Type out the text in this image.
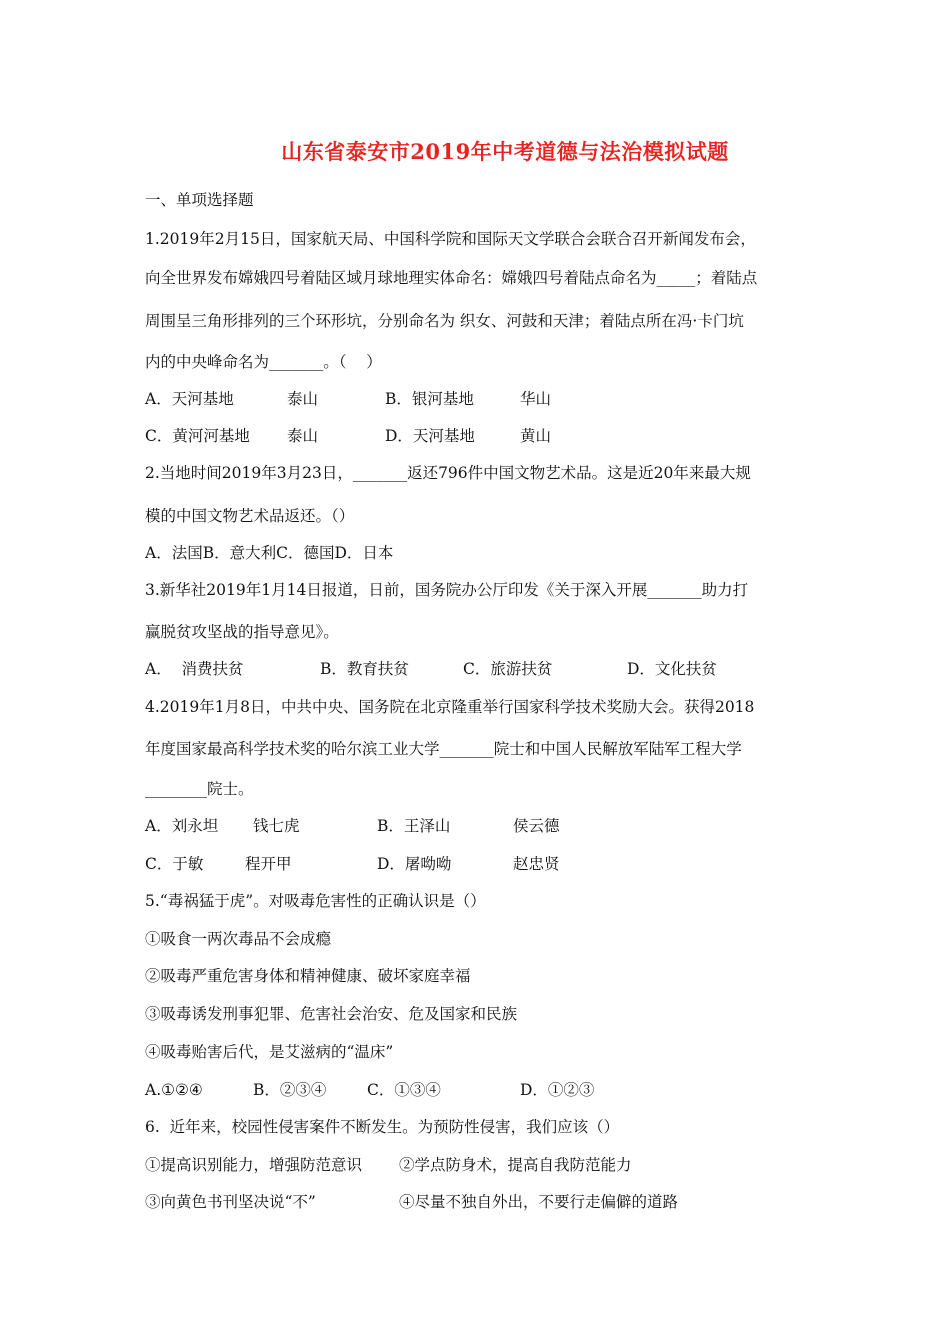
山东省泰安市2019年中考道德与法治模拟试题
一、单项选择题
1.2019年2月15日，国家航天局、中国科学院和国际天文学联合会联合召开新闻发布会，
向全世界发布嫦娥四号着陆区域月球地理实体命名：嫦娥四号着陆点命名为_____；着陆点
周围呈三角形排列的三个环形坑，分别命名为 织女、河鼓和天津；着陆点所在冯·卡门坑
内的中央峰命名为_______。（    ）
A．天河基地	泰山	B．银河基地	华山
C．黄河河基地 泰山	D．天河基地	黄山
2.当地时间2019年3月23日，_______返还796件中国文物艺术品。这是近20年来最大规
模的中国文物艺术品返还。（）
A．法国B．意大利C．德国D．日本
3.新华社2019年1月14日报道，日前，国务院办公厅印发《关于深入开展_______助力打
赢脱贫攻坚战的指导意见》。
A．  消费扶贫	B．教育扶贫	C．旅游扶贫	D．文化扶贫
4.2019年1月8日，中共中央、国务院在北京隆重举行国家科学技术奖励大会。获得2018
年度国家最高科学技术奖的哈尔滨工业大学_______院士和中国人民解放军陆军工程大学
________院士。
A．刘永坦 钱七虎	B．王泽山	侯云德
C．于敏	程开甲	D．屠呦呦	赵忠贤
5.“毒祸猛于虎”。对吸毒危害性的正确认识是（）
①吸食一两次毒品不会成瘾
②吸毒严重危害身体和精神健康、破坏家庭幸福
③吸毒诱发刑事犯罪、危害社会治安、危及国家和民族
④吸毒贻害后代，是艾滋病的“温床”
A.①②④	B．②③④	C．①③④	D．①②③
6.  近年来，校园性侵害案件不断发生。为预防性侵害，我们应该（）
①提高识别能力，增强防范意识 ②学点防身术，提高自我防范能力
③向黄色书刊坚决说“不”	④尽量不独自外出，不要行走偏僻的道路
